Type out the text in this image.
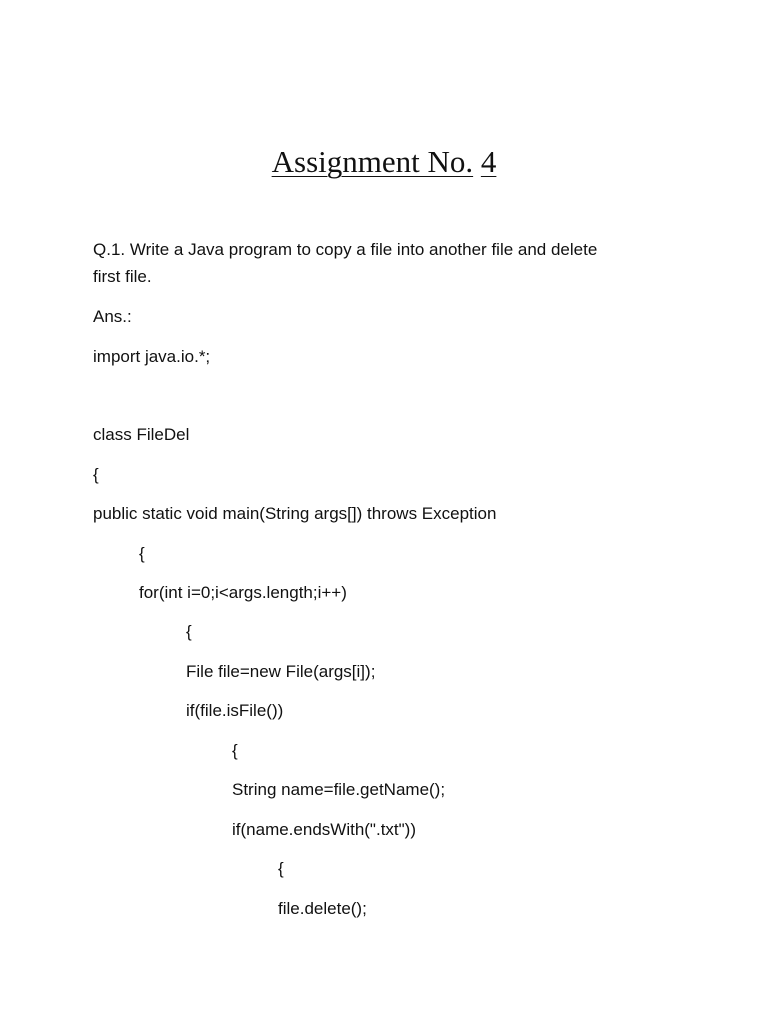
Assignment No. 4
Q.1. Write a Java program to copy a file into another file and delete
first file.
Ans.:
import java.io.*;
class FileDel
{
public static void main(String args[]) throws Exception
{
for(int i=0;i<args.length;i++)
{
File file=new File(args[i]);
if(file.isFile())
{
String name=file.getName();
if(name.endsWith(".txt"))
{
file.delete();
